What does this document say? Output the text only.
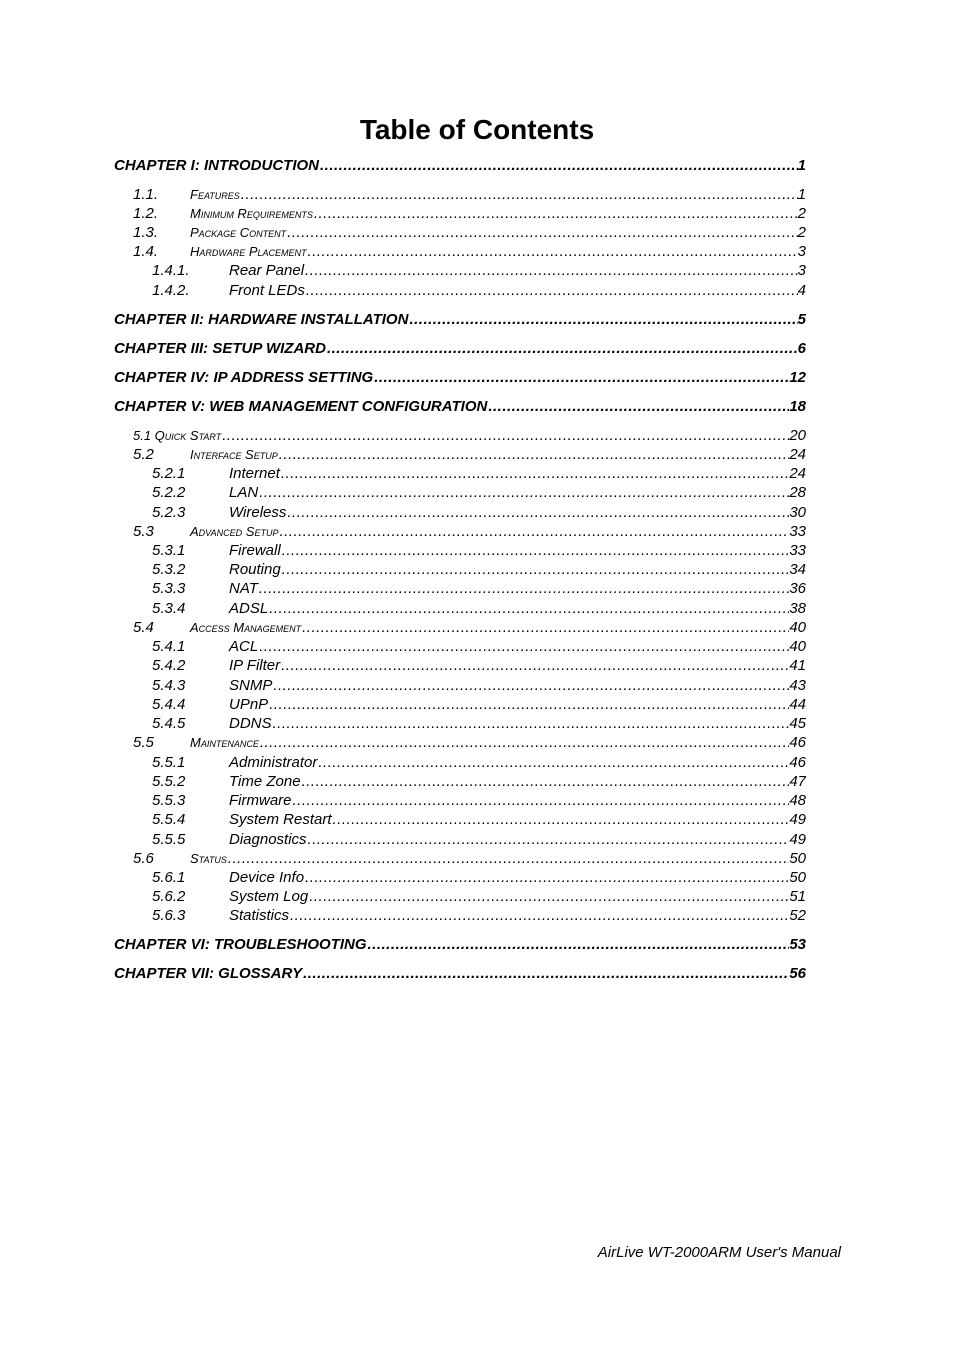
Table of Contents
CHAPTER I: INTRODUCTION .....	1
1.1.	Features .....	1
1.2.	Minimum Requirements .....	2
1.3.	Package Content .....	2
1.4.	Hardware Placement .....	3
1.4.1.	Rear Panel .....	3
1.4.2.	Front LEDs .....	4
CHAPTER II: HARDWARE INSTALLATION .....	5
CHAPTER III: SETUP WIZARD .....	6
CHAPTER IV: IP ADDRESS SETTING .....	12
CHAPTER V: WEB MANAGEMENT CONFIGURATION .....	18
5.1 Quick Start .....	20
5.2	Interface Setup .....	24
5.2.1	Internet .....	24
5.2.2	LAN .....	28
5.2.3	Wireless .....	30
5.3	Advanced Setup .....	33
5.3.1	Firewall .....	33
5.3.2	Routing .....	34
5.3.3	NAT .....	36
5.3.4	ADSL .....	38
5.4	Access Management .....	40
5.4.1	ACL .....	40
5.4.2	IP Filter .....	41
5.4.3	SNMP .....	43
5.4.4	UPnP .....	44
5.4.5	DDNS .....	45
5.5	Maintenance .....	46
5.5.1	Administrator .....	46
5.5.2	Time Zone .....	47
5.5.3	Firmware .....	48
5.5.4	System Restart .....	49
5.5.5	Diagnostics .....	49
5.6	Status .....	50
5.6.1	Device Info .....	50
5.6.2	System Log .....	51
5.6.3	Statistics .....	52
CHAPTER VI: TROUBLESHOOTING .....	53
CHAPTER VII: GLOSSARY .....	56
AirLive WT-2000ARM User's Manual
